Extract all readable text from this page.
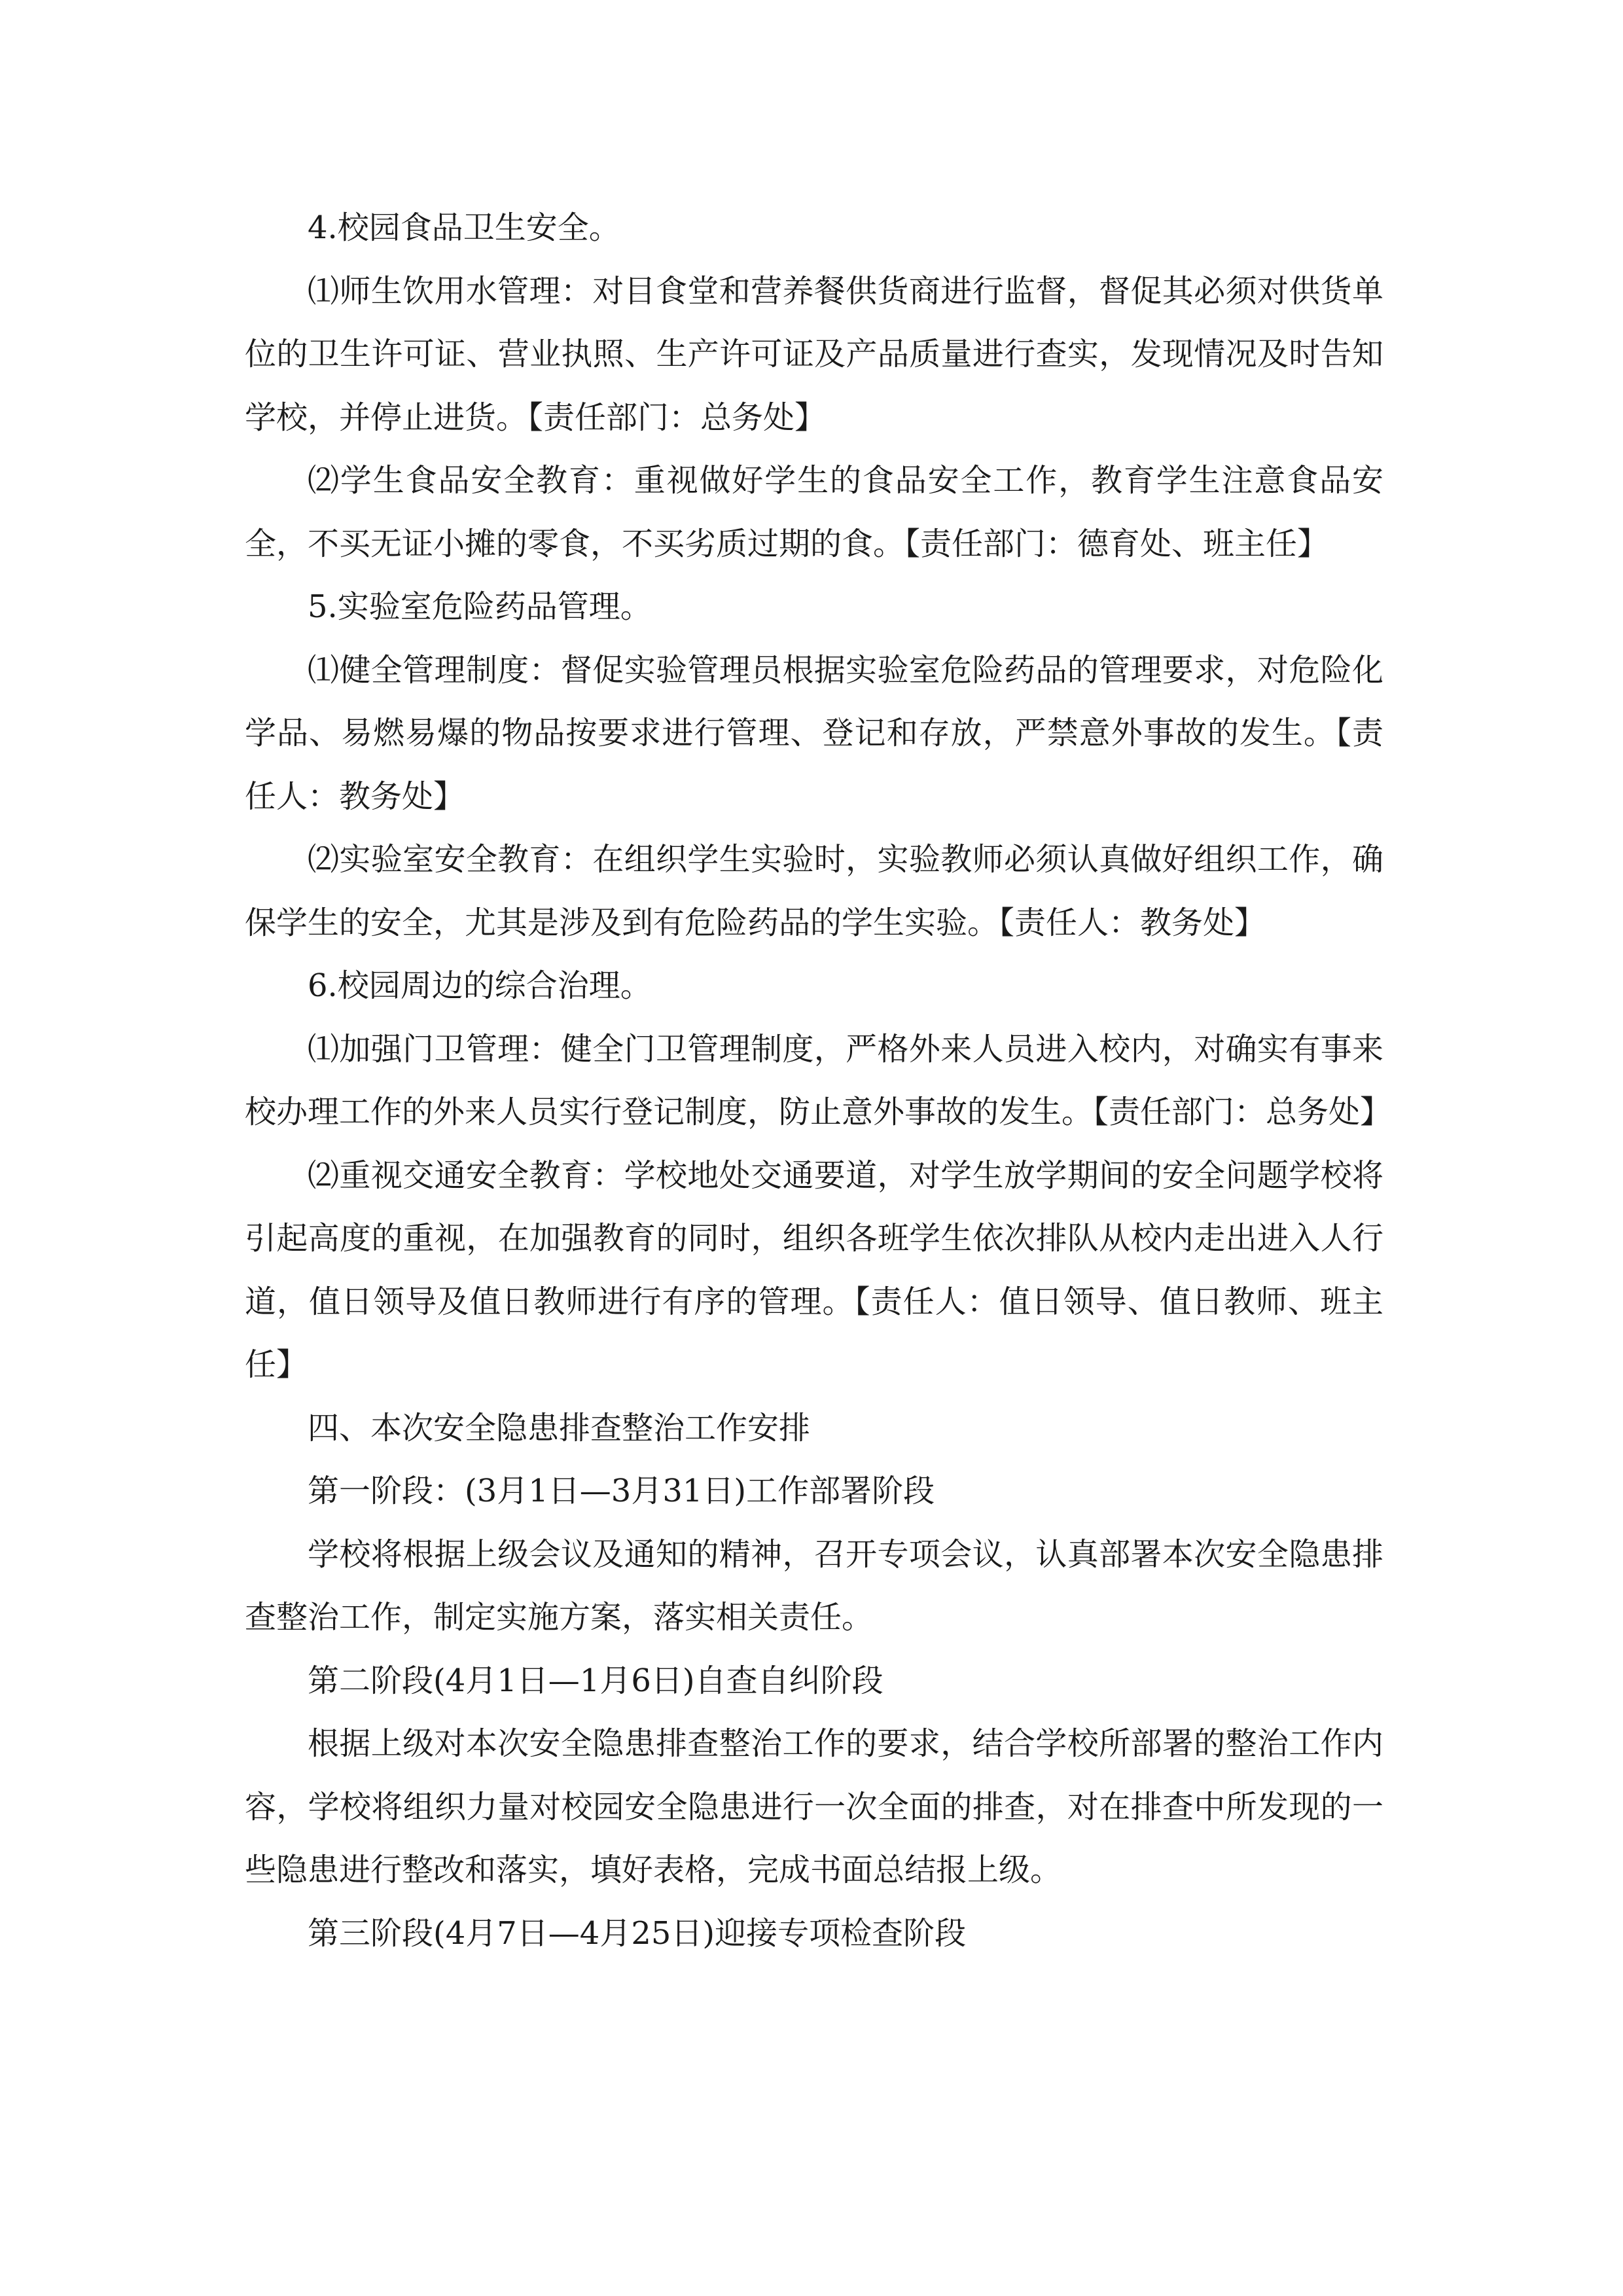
4.校园食品卫生安全。

⑴师生饮用水管理：对目食堂和营养餐供货商进行监督，督促其必须对供货单位的卫生许可证、营业执照、生产许可证及产品质量进行查实，发现情况及时告知学校，并停止进货。【责任部门：总务处】

⑵学生食品安全教育：重视做好学生的食品安全工作，教育学生注意食品安全，不买无证小摊的零食，不买劣质过期的食。【责任部门：德育处、班主任】

5.实验室危险药品管理。

⑴健全管理制度：督促实验管理员根据实验室危险药品的管理要求，对危险化学品、易燃易爆的物品按要求进行管理、登记和存放，严禁意外事故的发生。【责任人：教务处】

⑵实验室安全教育：在组织学生实验时，实验教师必须认真做好组织工作，确保学生的安全，尤其是涉及到有危险药品的学生实验。【责任人：教务处】

6.校园周边的综合治理。

⑴加强门卫管理：健全门卫管理制度，严格外来人员进入校内，对确实有事来校办理工作的外来人员实行登记制度，防止意外事故的发生。【责任部门：总务处】

⑵重视交通安全教育：学校地处交通要道，对学生放学期间的安全问题学校将引起高度的重视，在加强教育的同时，组织各班学生依次排队从校内走出进入人行道，值日领导及值日教师进行有序的管理。【责任人：值日领导、值日教师、班主任】

四、本次安全隐患排查整治工作安排

第一阶段：(3月1日—3月31日)工作部署阶段

学校将根据上级会议及通知的精神，召开专项会议，认真部署本次安全隐患排查整治工作，制定实施方案，落实相关责任。

第二阶段(4月1日—1月6日)自查自纠阶段

根据上级对本次安全隐患排查整治工作的要求，结合学校所部署的整治工作内容，学校将组织力量对校园安全隐患进行一次全面的排查，对在排查中所发现的一些隐患进行整改和落实，填好表格，完成书面总结报上级。

第三阶段(4月7日—4月25日)迎接专项检查阶段
